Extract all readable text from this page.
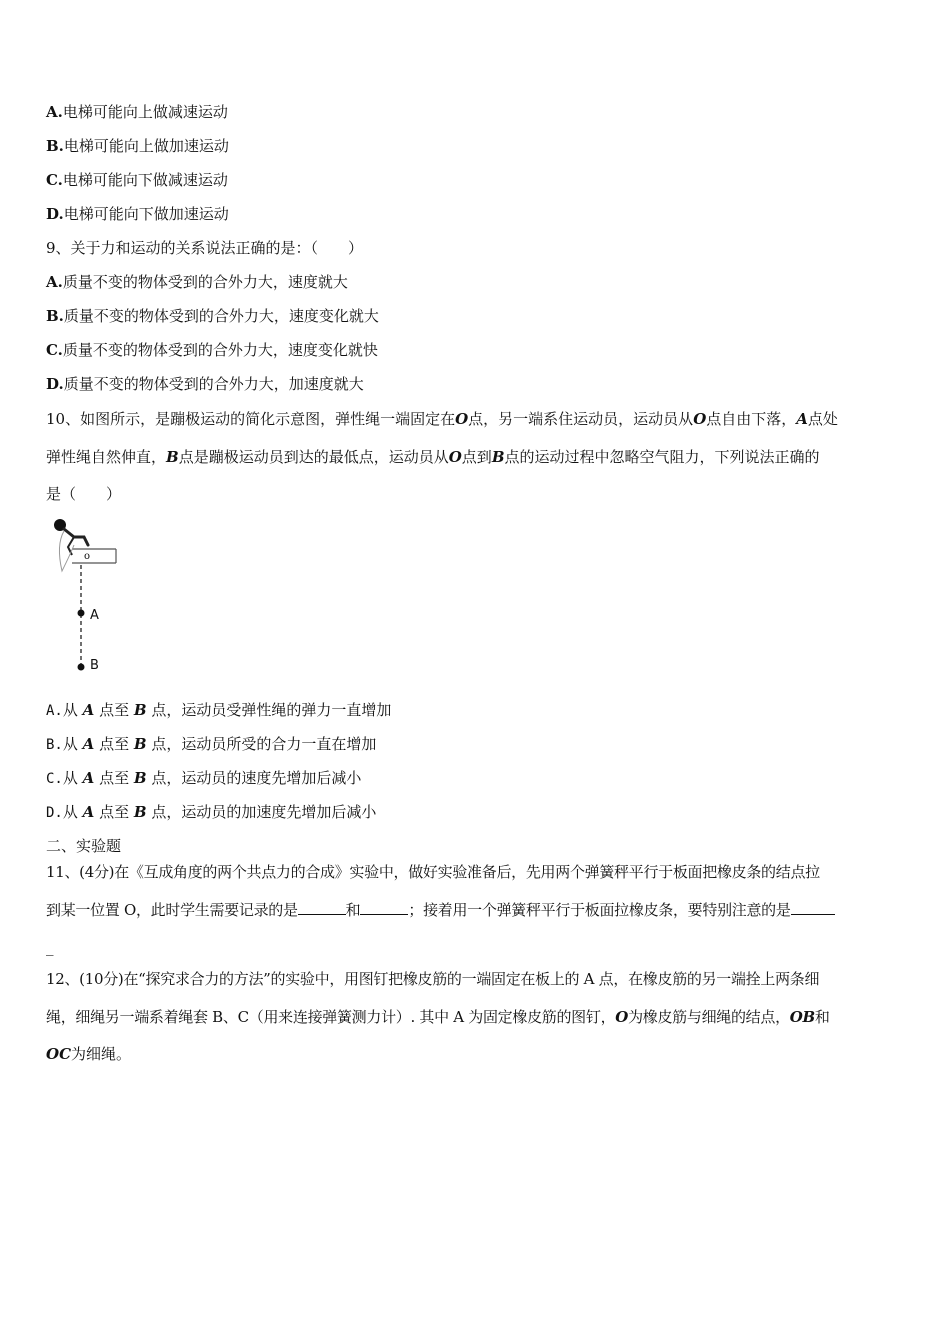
A.电梯可能向上做减速运动
B.电梯可能向上做加速运动
C.电梯可能向下做减速运动
D.电梯可能向下做加速运动
9、关于力和运动的关系说法正确的是：（　　）
A.质量不变的物体受到的合外力大，速度就大
B.质量不变的物体受到的合外力大，速度变化就大
C.质量不变的物体受到的合外力大，速度变化就快
D.质量不变的物体受到的合外力大，加速度就大
10、如图所示，是蹦极运动的简化示意图，弹性绳一端固定在O点，另一端系住运动员，运动员从O点自由下落，A点处
弹性绳自然伸直，B点是蹦极运动员到达的最低点，运动员从O点到B点的运动过程中忽略空气阻力，下列说法正确的
是（　　）
o
A
B
A.从 A 点至 B 点，运动员受弹性绳的弹力一直增加
B.从 A 点至 B 点，运动员所受的合力一直在增加
C.从 A 点至 B 点，运动员的速度先增加后减小
D.从 A 点至 B 点，运动员的加速度先增加后减小
二、实验题
11、(4分)在《互成角度的两个共点力的合成》实验中，做好实验准备后，先用两个弹簧秤平行于板面把橡皮条的结点拉
到某一位置 O，此时学生需要记录的是	和	；接着用一个弹簧秤平行于板面拉橡皮条，要特别注意的是
_
12、(10分)在“探究求合力的方法”的实验中，用图钉把橡皮筋的一端固定在板上的 A 点，在橡皮筋的另一端拴上两条细
绳，细绳另一端系着绳套 B、C（用来连接弹簧测力计）. 其中 A 为固定橡皮筋的图钉，O为橡皮筋与细绳的结点，OB和
OC为细绳。
